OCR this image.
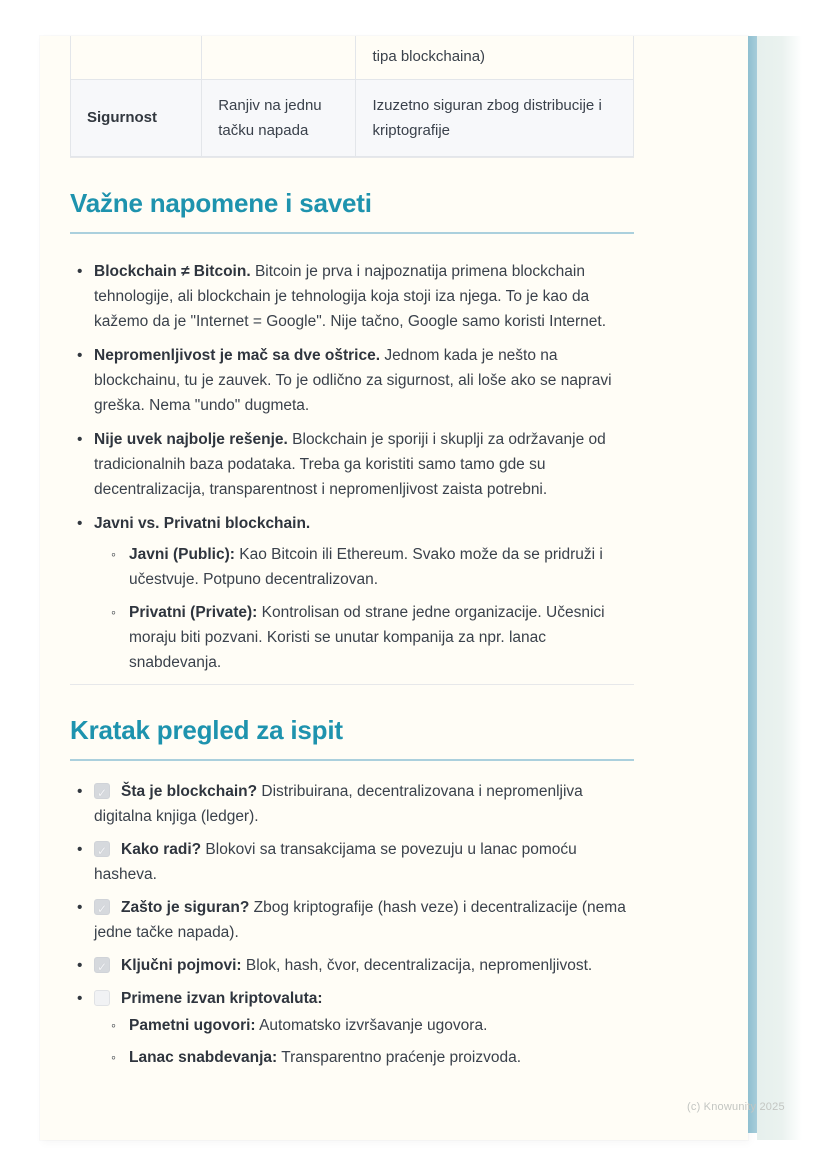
		tipa blockchaina)
Sigurnost	Ranjiv na jednu tačku napada	Izuzetno siguran zbog distribucije i kriptografije
Važne napomene i saveti
• Blockchain ≠ Bitcoin. Bitcoin je prva i najpoznatija primena blockchain tehnologije, ali blockchain je tehnologija koja stoji iza njega. To je kao da kažemo da je "Internet = Google". Nije tačno, Google samo koristi Internet.
• Nepromenljivost je mač sa dve oštrice. Jednom kada je nešto na blockchainu, tu je zauvek. To je odlično za sigurnost, ali loše ako se napravi greška. Nema "undo" dugmeta.
• Nije uvek najbolje rešenje. Blockchain je sporiji i skuplji za održavanje od tradicionalnih baza podataka. Treba ga koristiti samo tamo gde su decentralizacija, transparentnost i nepromenljivost zaista potrebni.
• Javni vs. Privatni blockchain.
◦ Javni (Public): Kao Bitcoin ili Ethereum. Svako može da se pridruži i učestvuje. Potpuno decentralizovan.
◦ Privatni (Private): Kontrolisan od strane jedne organizacije. Učesnici moraju biti pozvani. Koristi se unutar kompanija za npr. lanac snabdevanja.
Kratak pregled za ispit
✓• Šta je blockchain? Distribuirana, decentralizovana i nepromenljiva digitalna knjiga (ledger).
✓• Kako radi? Blokovi sa transakcijama se povezuju u lanac pomoću hasheva.
✓• Zašto je siguran? Zbog kriptografije (hash veze) i decentralizacije (nema jedne tačke napada).
✓• Ključni pojmovi: Blok, hash, čvor, decentralizacija, nepromenljivost.
• Primene izvan kriptovaluta:
◦ Pametni ugovori: Automatsko izvršavanje ugovora.
◦ Lanac snabdevanja: Transparentno praćenje proizvoda.
(c) Knowunity 2025
